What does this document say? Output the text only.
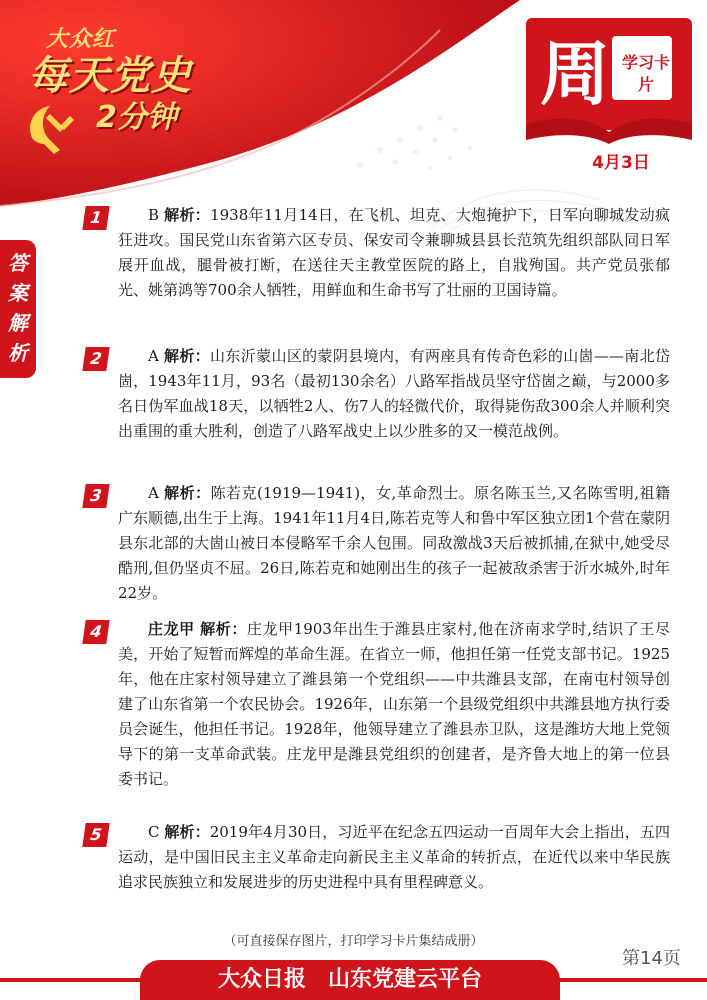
大众红
每天党史
2分钟
周 学习卡片
4月3日
答
案
解
析
1	B 解析：1938年11月14日，在飞机、坦克、大炮掩护下，日军向聊城发动疯狂进攻。国民党山东省第六区专员、保安司令兼聊城县县长范筑先组织部队同日军展开血战，腿骨被打断，在送往天主教堂医院的路上，自戕殉国。共产党员张郁光、姚第鸿等700余人牺牲，用鲜血和生命书写了壮丽的卫国诗篇。
2	A 解析：山东沂蒙山区的蒙阴县境内，有两座具有传奇色彩的山崮——南北岱崮，1943年11月，93名（最初130余名）八路军指战员坚守岱崮之巅，与2000多名日伪军血战18天，以牺牲2人、伤7人的轻微代价，取得毙伤敌300余人并顺利突出重围的重大胜利，创造了八路军战史上以少胜多的又一模范战例。
3	A 解析：陈若克(1919—1941)，女,革命烈士。原名陈玉兰,又名陈雪明,祖籍广东顺德,出生于上海。1941年11月4日,陈若克等人和鲁中军区独立团1个营在蒙阴县东北部的大崮山被日本侵略军千余人包围。同敌激战3天后被抓捕,在狱中,她受尽酷刑,但仍坚贞不屈。26日,陈若克和她刚出生的孩子一起被敌杀害于沂水城外,时年22岁。
4	庄龙甲 解析：庄龙甲1903年出生于潍县庄家村,他在济南求学时,结识了王尽美，开始了短暂而辉煌的革命生涯。在省立一师，他担任第一任党支部书记。1925年，他在庄家村领导建立了潍县第一个党组织——中共潍县支部，在南屯村领导创建了山东省第一个农民协会。1926年，山东第一个县级党组织中共潍县地方执行委员会诞生，他担任书记。1928年，他领导建立了潍县赤卫队，这是潍坊大地上党领导下的第一支革命武装。庄龙甲是潍县党组织的创建者，是齐鲁大地上的第一位县委书记。
5	C 解析：2019年4月30日，习近平在纪念五四运动一百周年大会上指出，五四运动，是中国旧民主主义革命走向新民主主义革命的转折点，在近代以来中华民族追求民族独立和发展进步的历史进程中具有里程碑意义。
（可直接保存图片，打印学习卡片集结成册）
第14页
大众日报　山东党建云平台
